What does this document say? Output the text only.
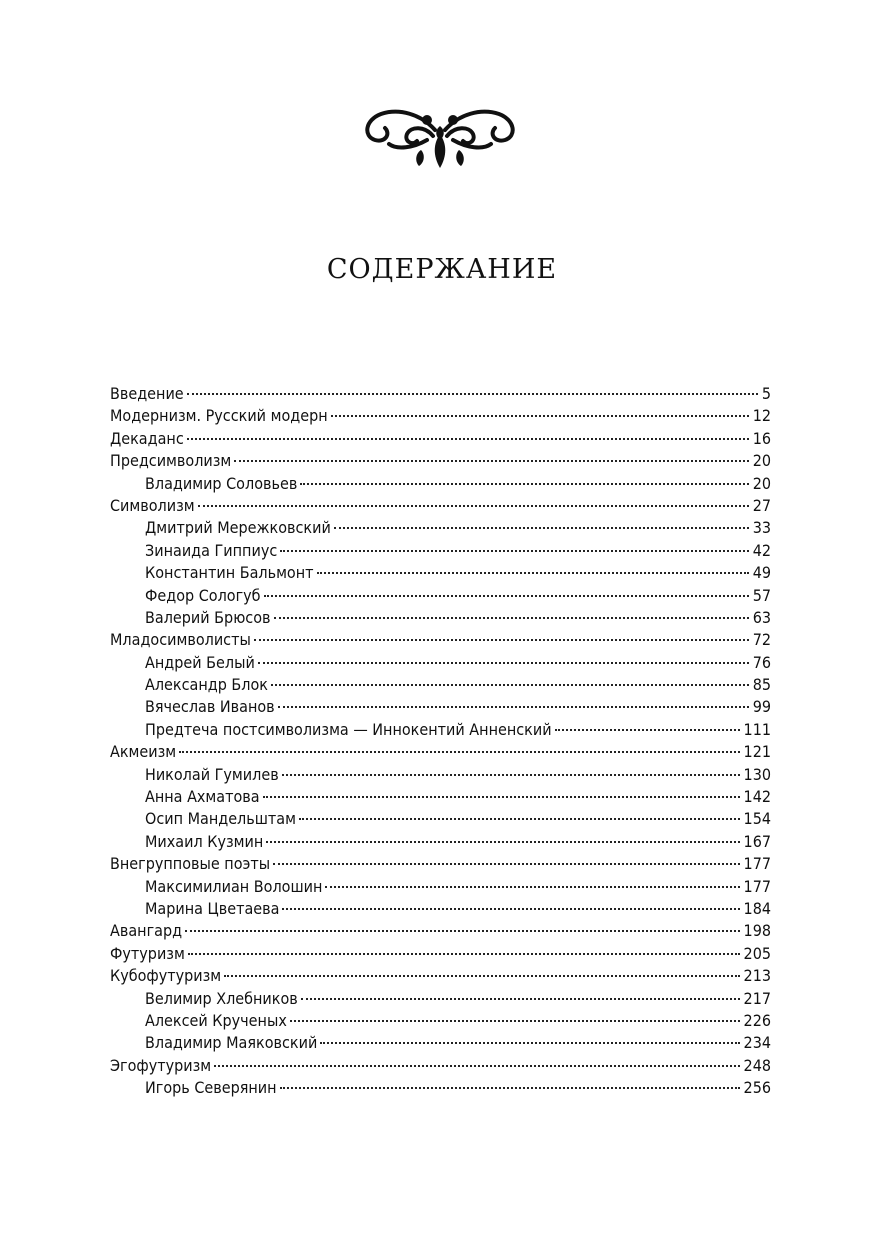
СОДЕРЖАНИЕ
Введение	5
Модернизм. Русский модерн	12
Декаданс	16
Предсимволизм	20
Владимир Соловьев	20
Символизм	27
Дмитрий Мережковский	33
Зинаида Гиппиус	42
Константин Бальмонт	49
Федор Сологуб	57
Валерий Брюсов	63
Младосимволисты	72
Андрей Белый	76
Александр Блок	85
Вячеслав Иванов	99
Предтеча постсимволизма — Иннокентий Анненский	111
Акмеизм	121
Николай Гумилев	130
Анна Ахматова	142
Осип Мандельштам	154
Михаил Кузмин	167
Внегрупповые поэты	177
Максимилиан Волошин	177
Марина Цветаева	184
Авангард	198
Футуризм	205
Кубофутуризм	213
Велимир Хлебников	217
Алексей Крученых	226
Владимир Маяковский	234
Эгофутуризм	248
Игорь Северянин	256
